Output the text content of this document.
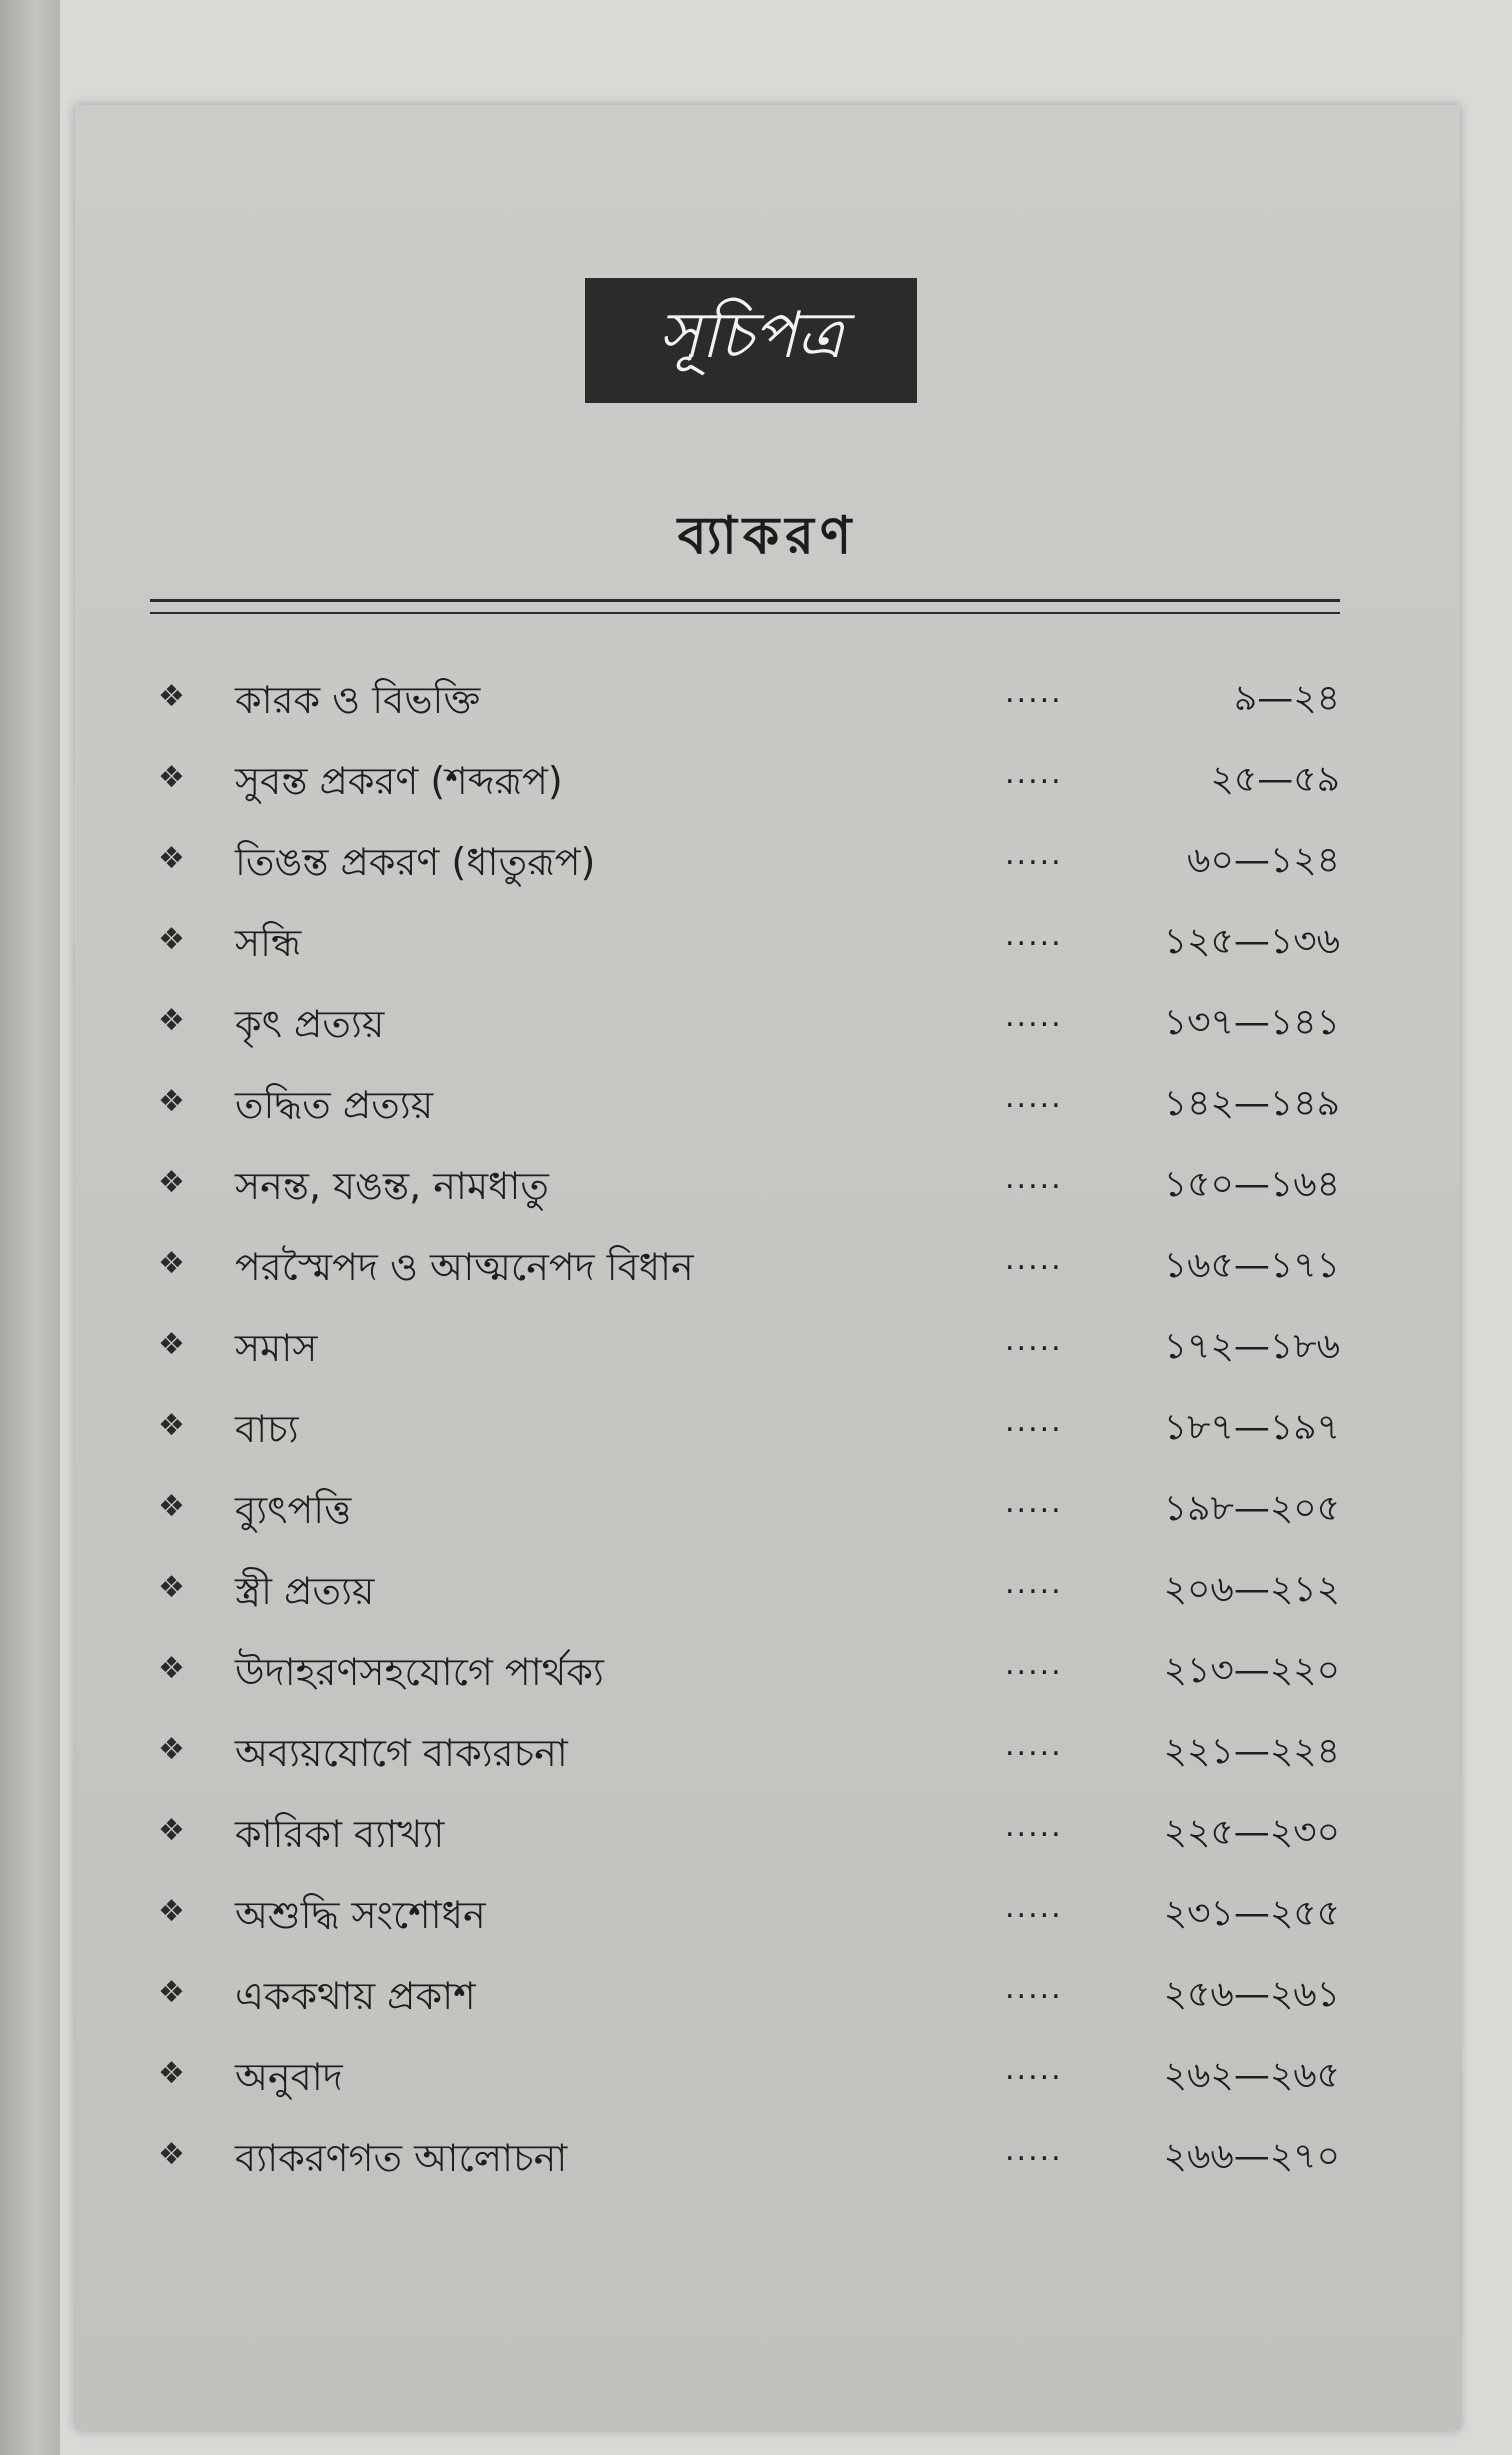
সূচিপত্র
ব্যাকরণ
❖ কারক ও বিভক্তি	.....	৯—২৪
❖ সুবন্ত প্রকরণ (শব্দরূপ)	.....	২৫—৫৯
❖ তিঙন্ত প্রকরণ (ধাতুরূপ)	.....	৬০—১২৪
❖ সন্ধি	.....	১২৫—১৩৬
❖ কৃৎ প্রত্যয়	.....	১৩৭—১৪১
❖ তদ্ধিত প্রত্যয়	.....	১৪২—১৪৯
❖ সনন্ত, যঙন্ত, নামধাতু	.....	১৫০—১৬৪
❖ পরস্মৈপদ ও আত্মনেপদ বিধান	.....	১৬৫—১৭১
❖ সমাস	.....	১৭২—১৮৬
❖ বাচ্য	.....	১৮৭—১৯৭
❖ ব্যুৎপত্তি	.....	১৯৮—২০৫
❖ স্ত্রী প্রত্যয়	.....	২০৬—২১২
❖ উদাহরণসহযোগে পার্থক্য	.....	২১৩—২২০
❖ অব্যয়যোগে বাক্যরচনা	.....	২২১—২২৪
❖ কারিকা ব্যাখ্যা	.....	২২৫—২৩০
❖ অশুদ্ধি সংশোধন	.....	২৩১—২৫৫
❖ এককথায় প্রকাশ	.....	২৫৬—২৬১
❖ অনুবাদ	.....	২৬২—২৬৫
❖ ব্যাকরণগত আলোচনা	.....	২৬৬—২৭০
